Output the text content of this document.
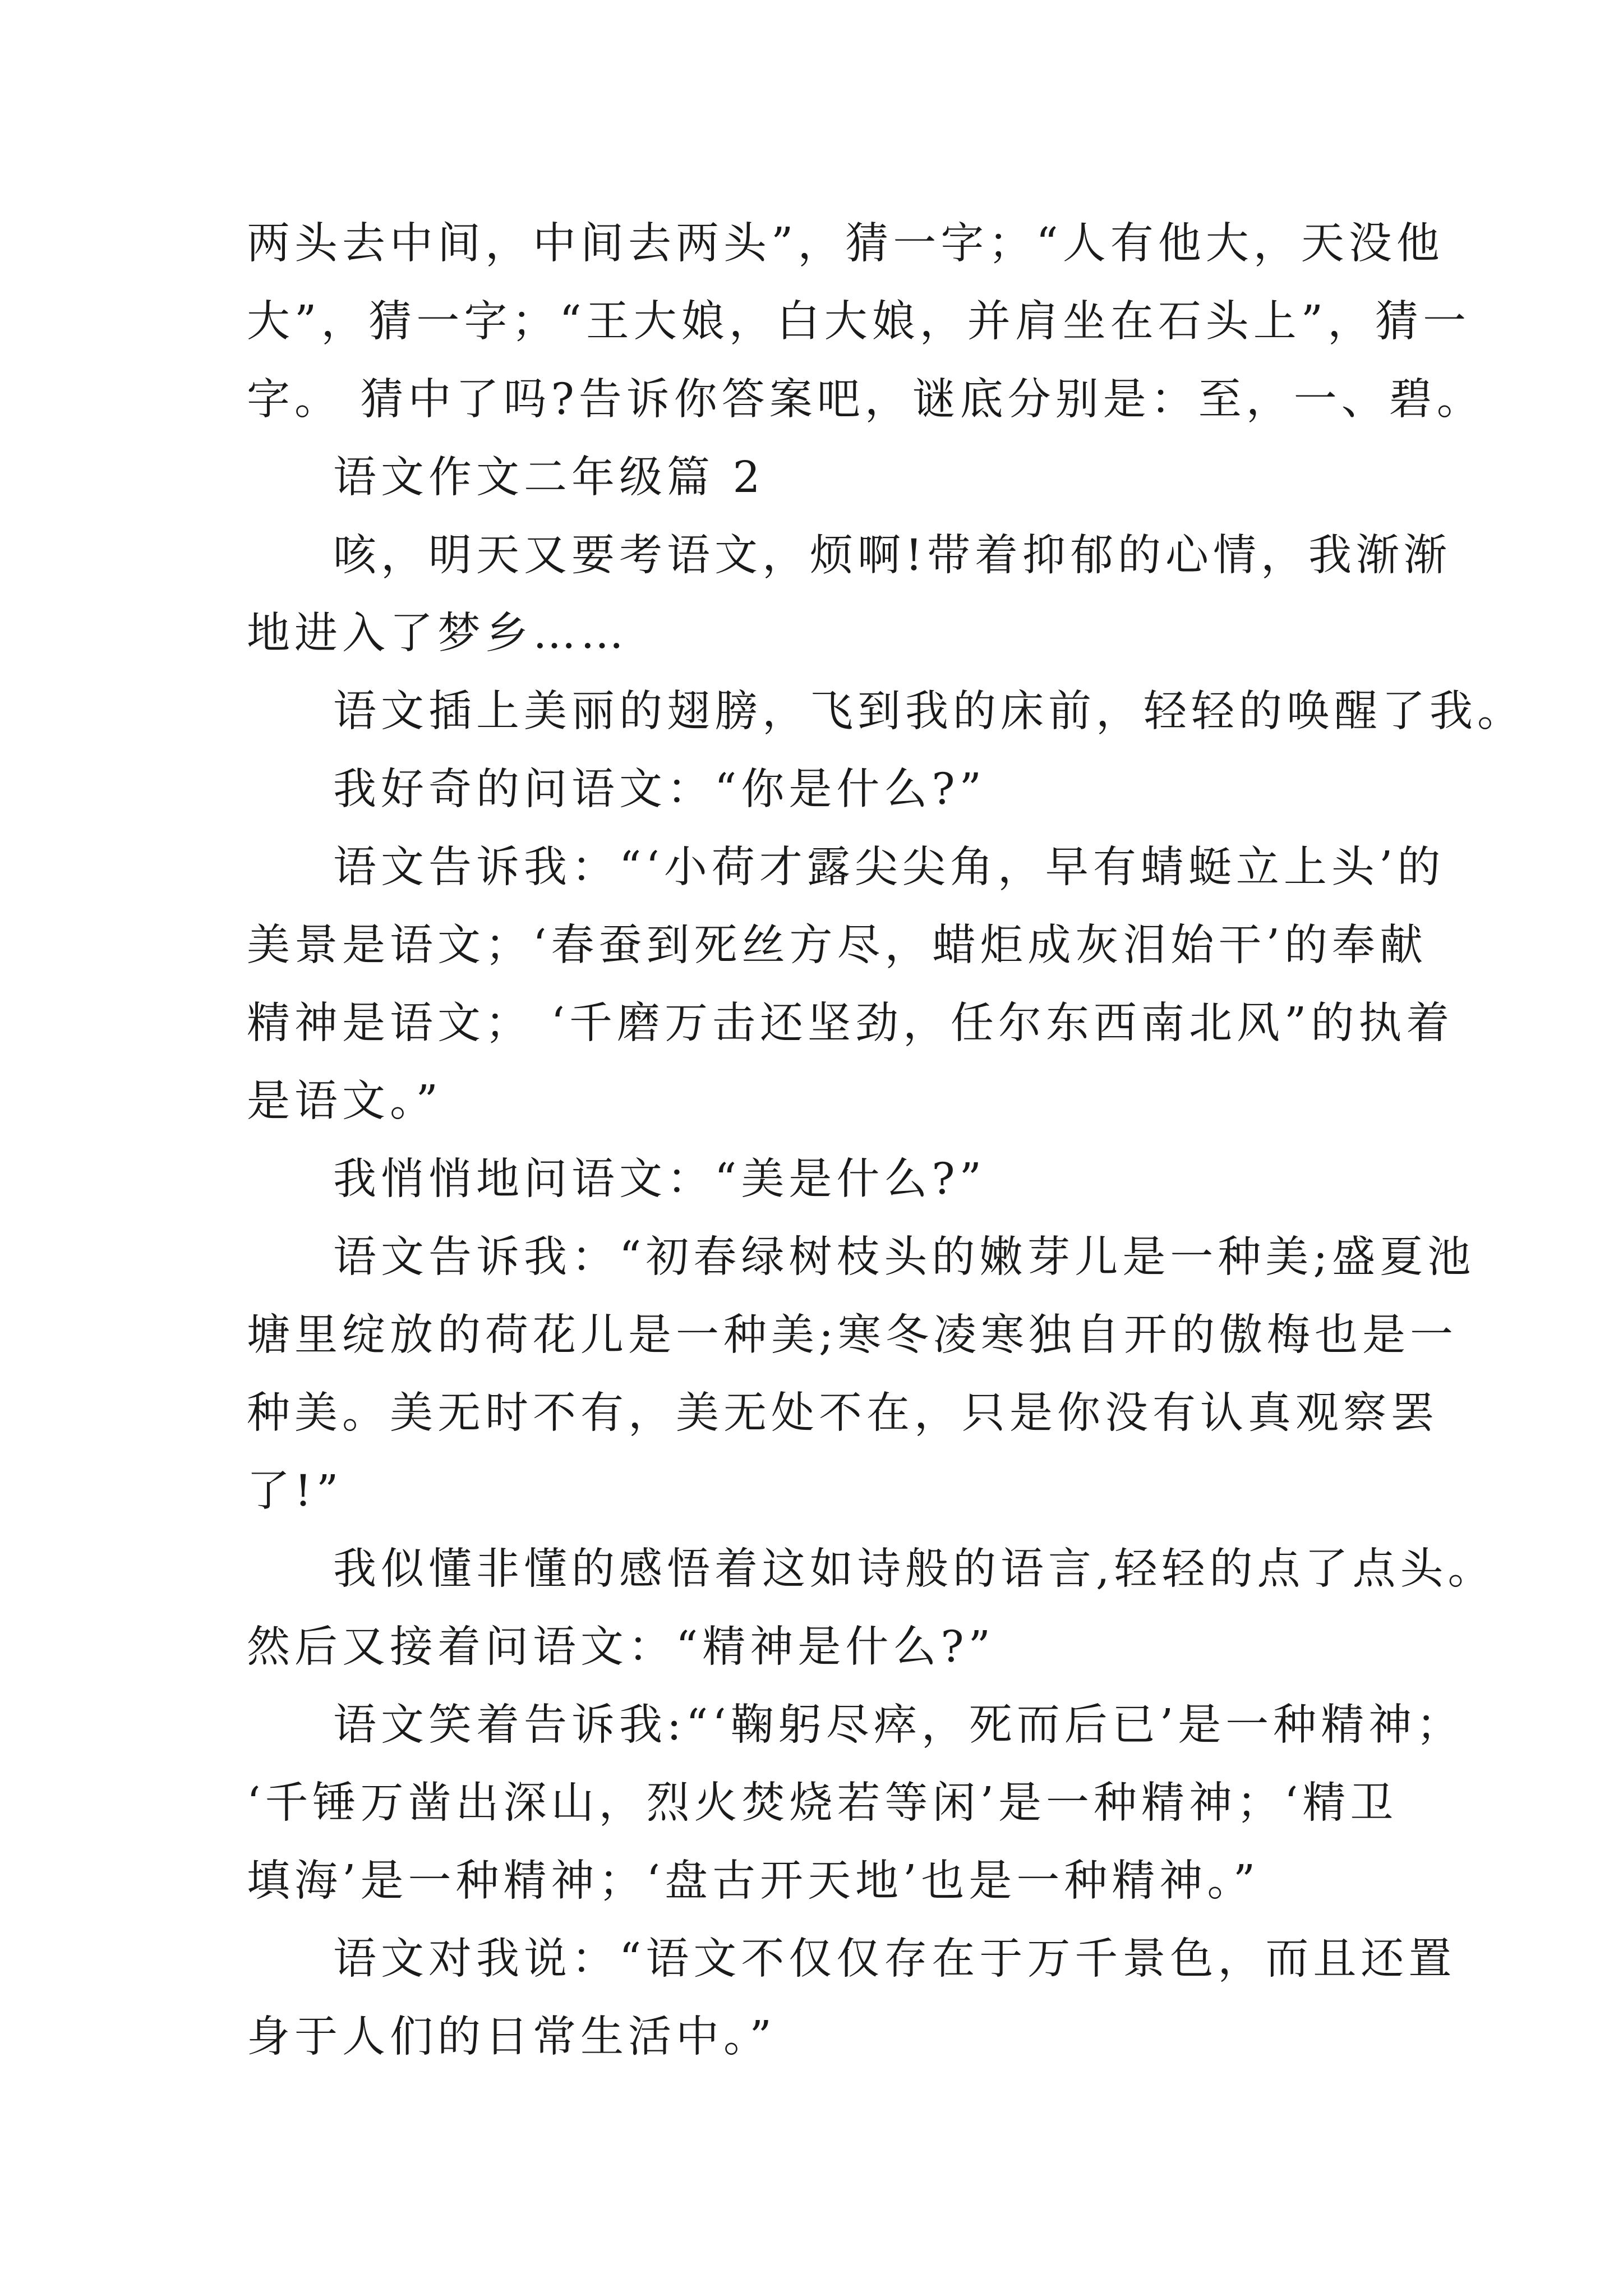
两头去中间，中间去两头”，猜一字；“人有他大，天没他
大”，猜一字；“王大娘，白大娘，并肩坐在石头上”，猜一
字。 猜中了吗?告诉你答案吧，谜底分别是：至，一、碧。
语文作文二年级篇 2
咳，明天又要考语文，烦啊!带着抑郁的心情，我渐渐
地进入了梦乡……
语文插上美丽的翅膀，飞到我的床前，轻轻的唤醒了我。
我好奇的问语文：“你是什么?”
语文告诉我：“‘小荷才露尖尖角，早有蜻蜓立上头’的
美景是语文；‘春蚕到死丝方尽，蜡炬成灰泪始干’的奉献
精神是语文； ‘千磨万击还坚劲，任尔东西南北风”的执着
是语文。”
我悄悄地问语文：“美是什么?”
语文告诉我：“初春绿树枝头的嫩芽儿是一种美;盛夏池
塘里绽放的荷花儿是一种美;寒冬凌寒独自开的傲梅也是一
种美。美无时不有，美无处不在，只是你没有认真观察罢
了!”
我似懂非懂的感悟着这如诗般的语言,轻轻的点了点头。
然后又接着问语文：“精神是什么?”
语文笑着告诉我:“‘鞠躬尽瘁，死而后已’是一种精神；
‘千锤万凿出深山，烈火焚烧若等闲’是一种精神；‘精卫
填海’是一种精神；‘盘古开天地’也是一种精神。”
语文对我说：“语文不仅仅存在于万千景色，而且还置
身于人们的日常生活中。”
